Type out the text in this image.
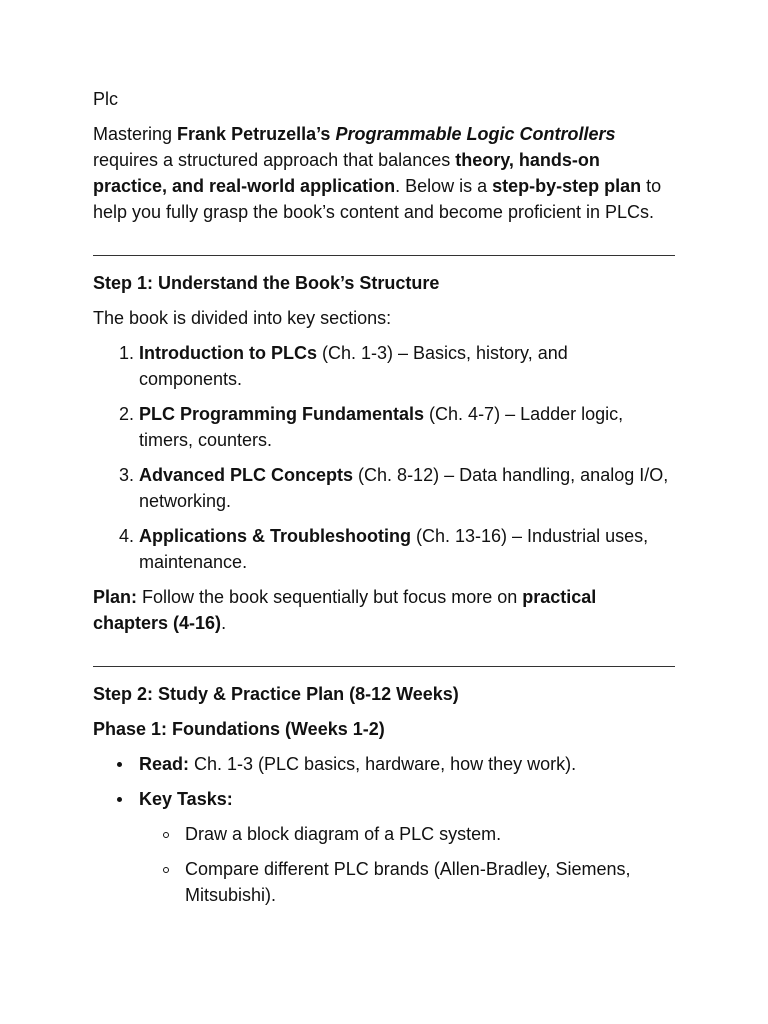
Plc

Mastering Frank Petruzella’s Programmable Logic Controllers requires a structured approach that balances theory, hands-on practice, and real-world application. Below is a step-by-step plan to help you fully grasp the book’s content and become proficient in PLCs.

Step 1: Understand the Book’s Structure

The book is divided into key sections:

1. Introduction to PLCs (Ch. 1-3) – Basics, history, and components.
2. PLC Programming Fundamentals (Ch. 4-7) – Ladder logic, timers, counters.
3. Advanced PLC Concepts (Ch. 8-12) – Data handling, analog I/O, networking.
4. Applications & Troubleshooting (Ch. 13-16) – Industrial uses, maintenance.

Plan: Follow the book sequentially but focus more on practical chapters (4-16).

Step 2: Study & Practice Plan (8-12 Weeks)

Phase 1: Foundations (Weeks 1-2)

Read: Ch. 1-3 (PLC basics, hardware, how they work).
Key Tasks:
Draw a block diagram of a PLC system.
Compare different PLC brands (Allen-Bradley, Siemens, Mitsubishi).
